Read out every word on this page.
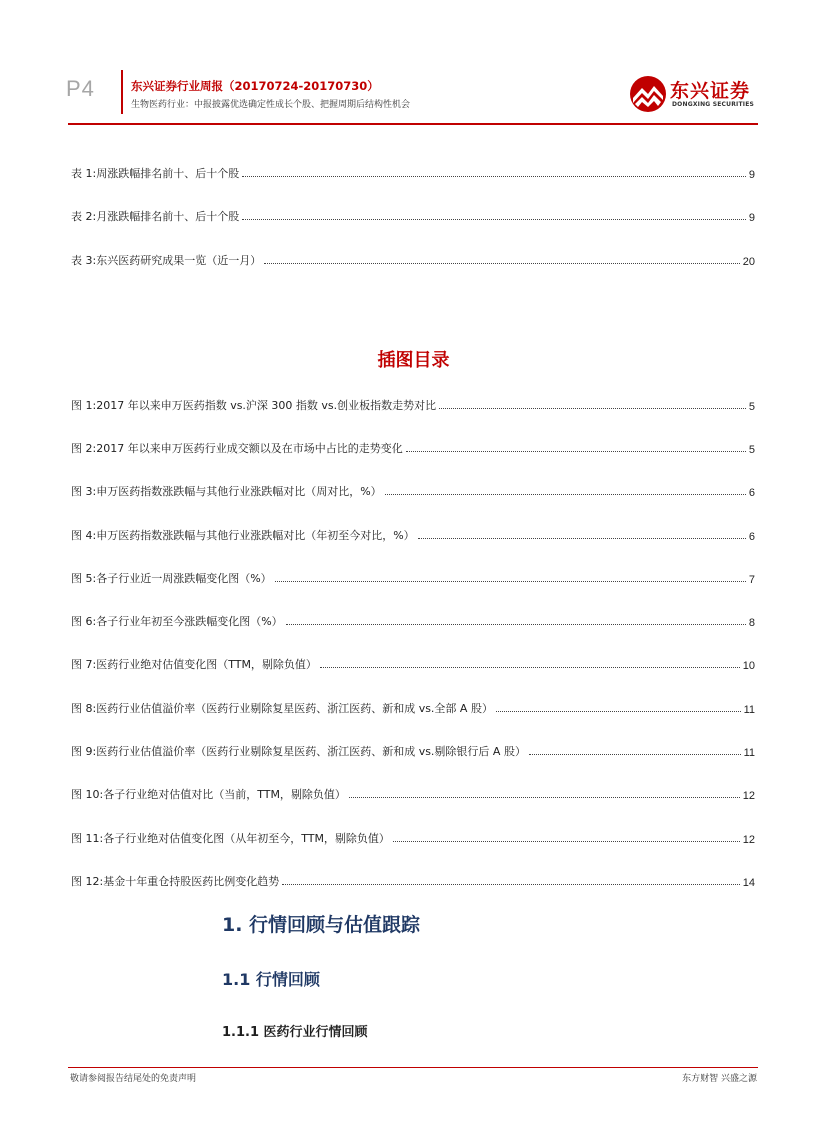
P4	东兴证券行业周报（20170724-20170730）
生物医药行业：中报披露优选确定性成长个股、把握周期后结构性机会
东兴证券
DONGXING SECURITIES
表 1:周涨跌幅排名前十、后十个股	9
表 2:月涨跌幅排名前十、后十个股	9
表 3:东兴医药研究成果一览（近一月）	20
插图目录
图 1:2017 年以来申万医药指数 vs.沪深 300 指数 vs.创业板指数走势对比	5
图 2:2017 年以来申万医药行业成交额以及在市场中占比的走势变化	5
图 3:申万医药指数涨跌幅与其他行业涨跌幅对比（周对比，%）	6
图 4:申万医药指数涨跌幅与其他行业涨跌幅对比（年初至今对比，%）	6
图 5:各子行业近一周涨跌幅变化图（%）	7
图 6:各子行业年初至今涨跌幅变化图（%）	8
图 7:医药行业绝对估值变化图（TTM，剔除负值）	10
图 8:医药行业估值溢价率（医药行业剔除复星医药、浙江医药、新和成 vs.全部 A 股）	11
图 9:医药行业估值溢价率（医药行业剔除复星医药、浙江医药、新和成 vs.剔除银行后 A 股）	11
图 10:各子行业绝对估值对比（当前，TTM，剔除负值）	12
图 11:各子行业绝对估值变化图（从年初至今，TTM，剔除负值）	12
图 12:基金十年重仓持股医药比例变化趋势	14
1. 行情回顾与估值跟踪
1.1 行情回顾
1.1.1 医药行业行情回顾
敬请参阅报告结尾处的免责声明	东方财智 兴盛之源
